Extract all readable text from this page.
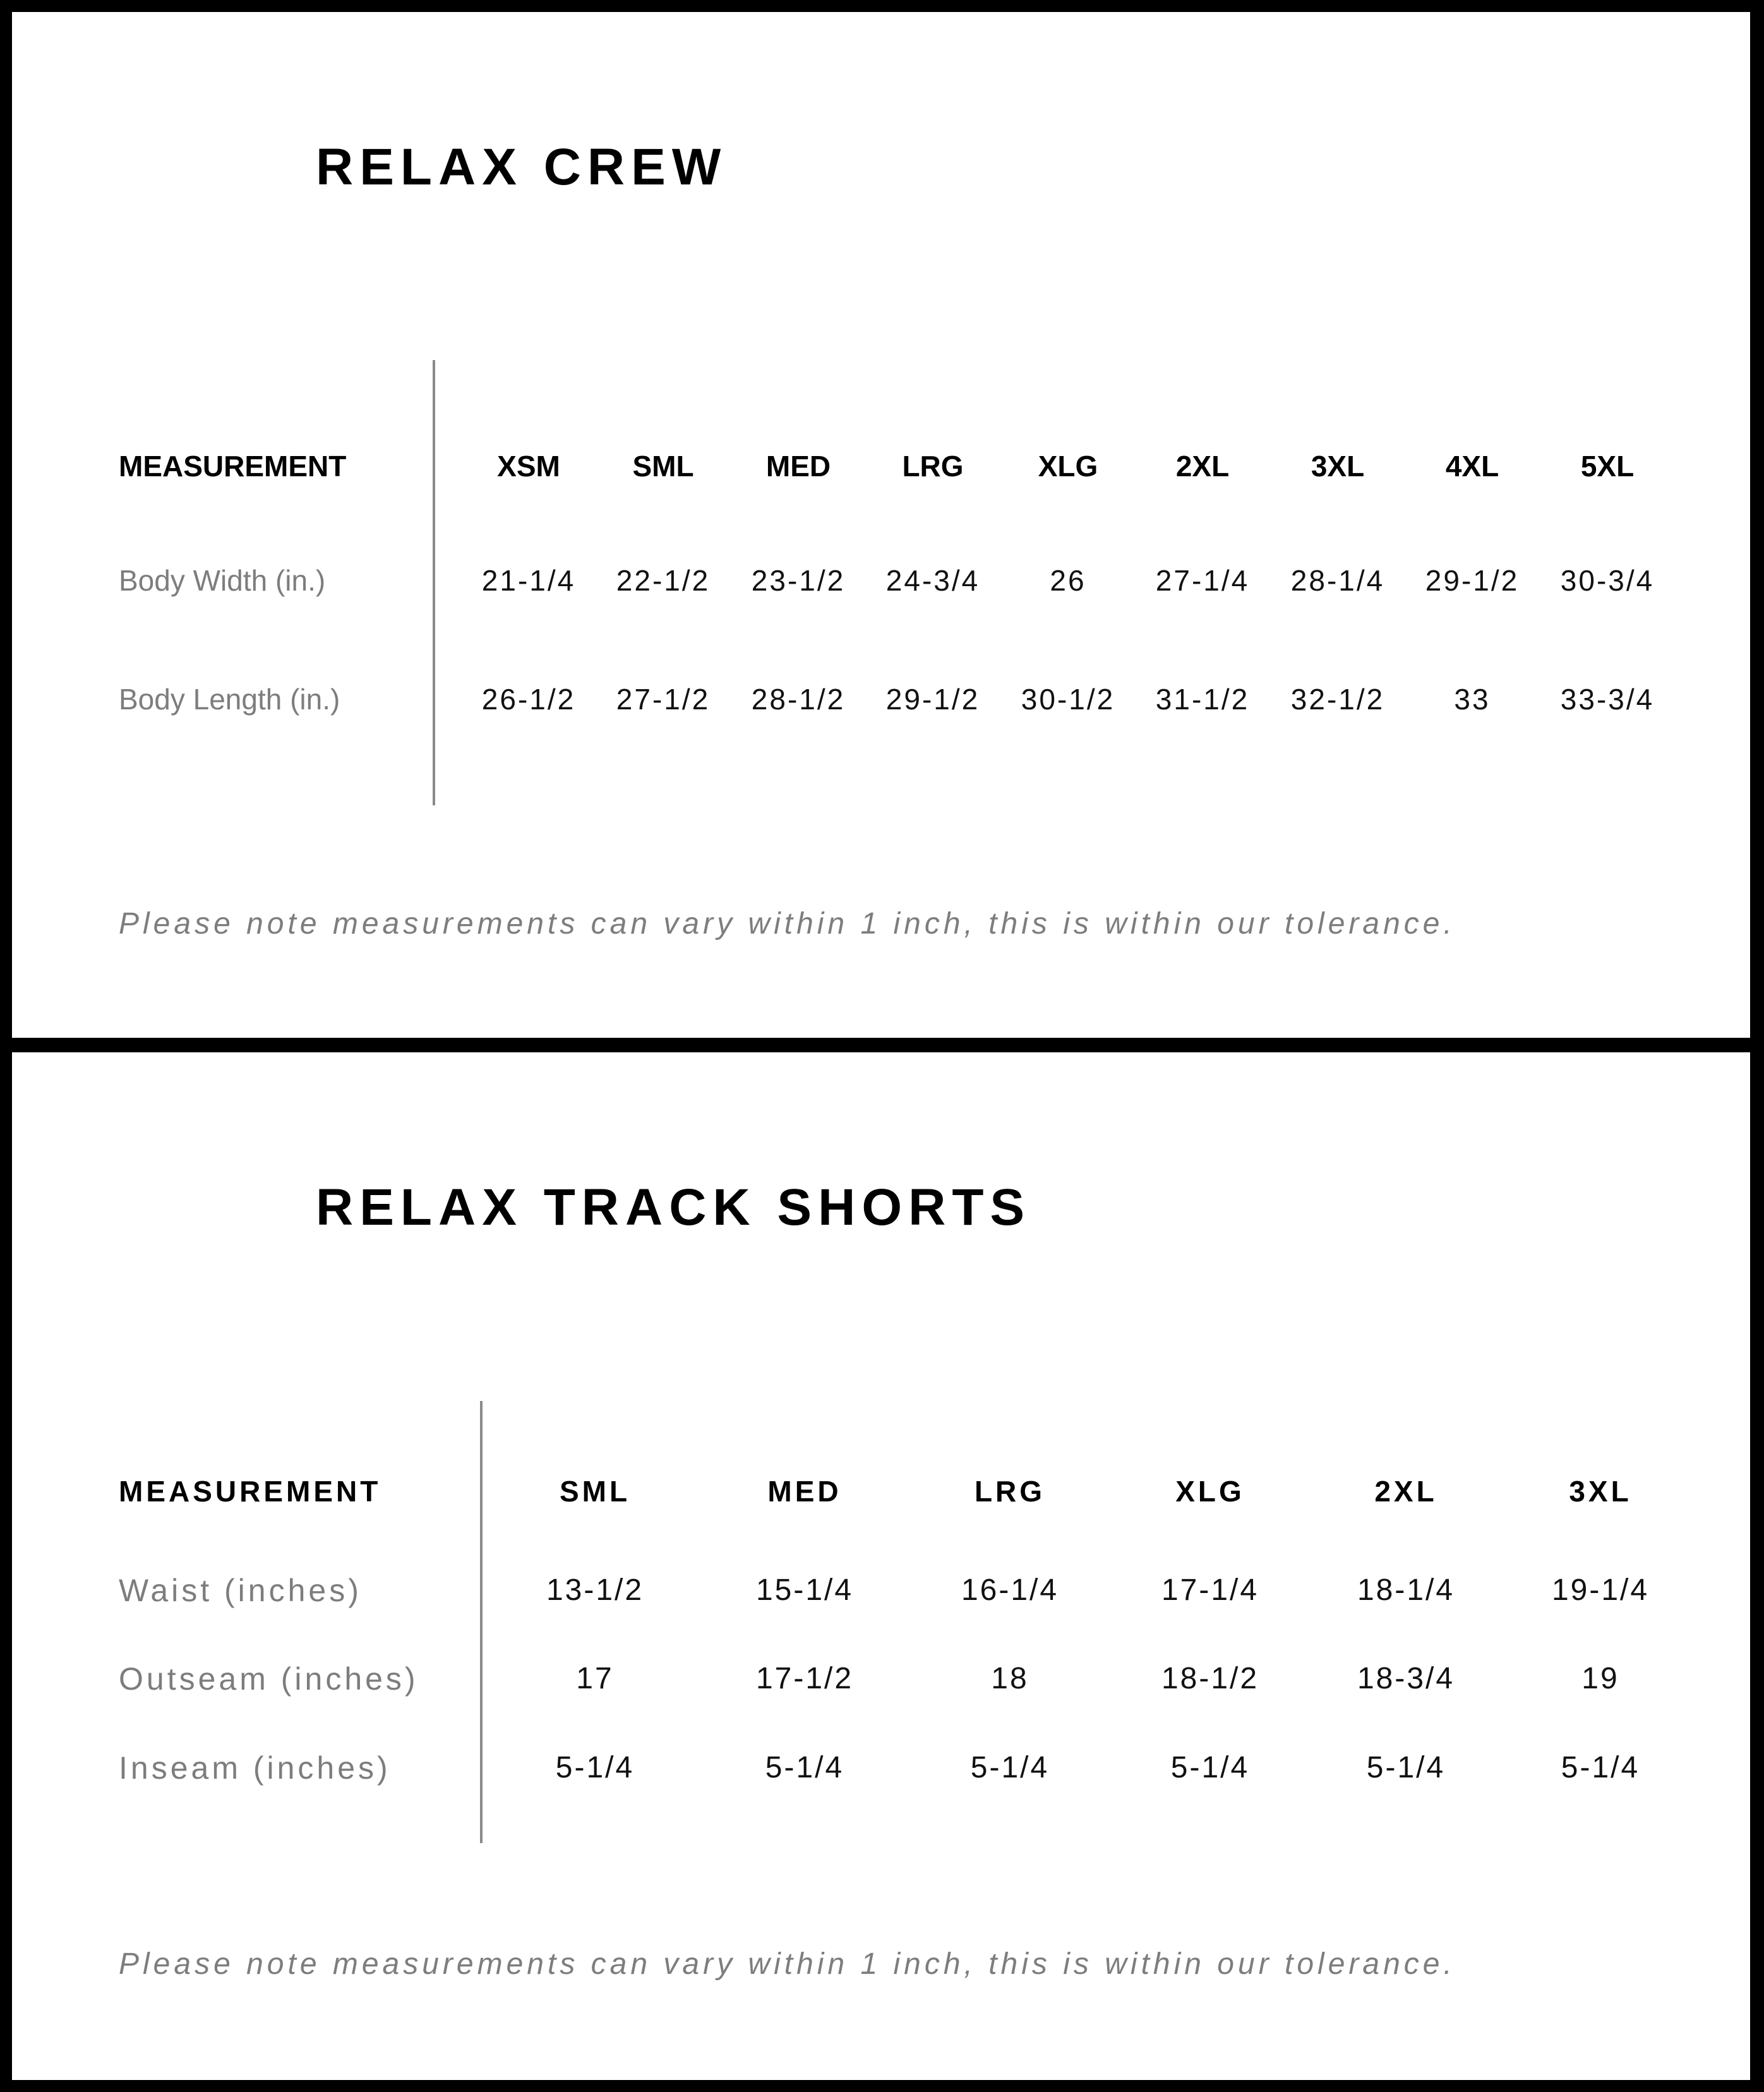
RELAX CREW
MEASUREMENT	XSM SML MED LRG	XLG	2XL	3XL	4XL	5XL
Body Width (in.)	21-1/4 22-1/2 23-1/2 24-3/4 26 27-1/4 28-1/4 29-1/2 30-3/4
Body Length (in.)	26-1/2 27-1/2 28-1/2 29-1/2 30-1/2 31-1/2 32-1/2 33 33-3/4

Please note measurements can vary within 1 inch, this is within our tolerance.

RELAX TRACK SHORTS
MEASUREMENT	SML	MED	LRG	XLG	2XL	3XL
Waist (inches)	13-1/2	15-1/4	16-1/4	17-1/4	18-1/4	19-1/4
Outseam (inches)	17	17-1/2	18	18-1/2	18-3/4	19
Inseam (inches)	5-1/4	5-1/4	5-1/4	5-1/4	5-1/4	5-1/4

Please note measurements can vary within 1 inch, this is within our tolerance.
